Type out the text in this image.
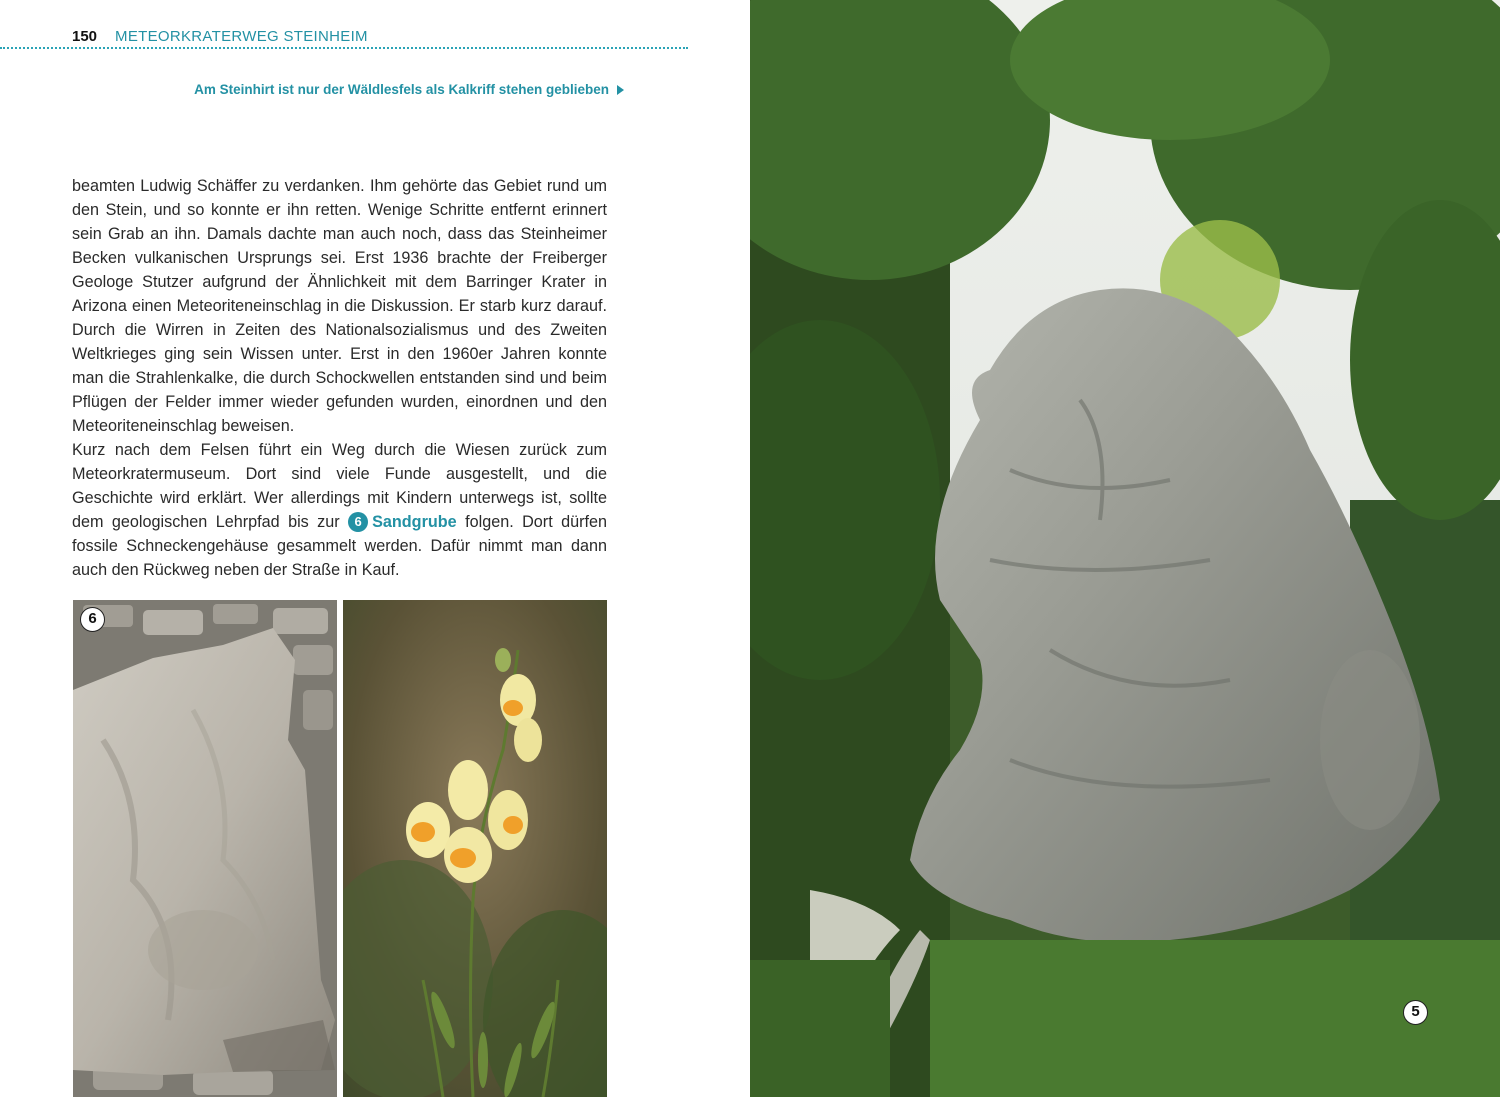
150 METEORKRATERWEG STEINHEIM
Am Steinhirt ist nur der Wäldlesfels als Kalkriff stehen geblieben

beamten Ludwig Schäffer zu verdanken. Ihm gehörte das Gebiet rund um den Stein, und so konnte er ihn retten. Wenige Schritte entfernt erinnert sein Grab an ihn. Damals dachte man auch noch, dass das Steinheimer Becken vulkanischen Ursprungs sei. Erst 1936 brachte der Freiberger Geologe Stutzer aufgrund der Ähnlichkeit mit dem Barringer Krater in Arizona einen Meteoriteneinschlag in die Diskussion. Er starb kurz darauf. Durch die Wirren in Zeiten des Nationalsozialismus und des Zweiten Weltkrieges ging sein Wissen unter. Erst in den 1960er Jahren konnte man die Strahlenkalke, die durch Schockwellen entstanden sind und beim Pflügen der Felder immer wieder gefunden wurden, einordnen und den Meteoriteneinschlag beweisen.

Kurz nach dem Felsen führt ein Weg durch die Wiesen zurück zum Meteorkratermuseum. Dort sind viele Funde ausgestellt, und die Geschichte wird erklärt. Wer allerdings mit Kindern unterwegs ist, sollte dem geologischen Lehrpfad bis zur 6 Sandgrube folgen. Dort dürfen fossile Schneckengehäuse gesammelt werden. Dafür nimmt man dann auch den Rückweg neben der Straße in Kauf.

6
5
